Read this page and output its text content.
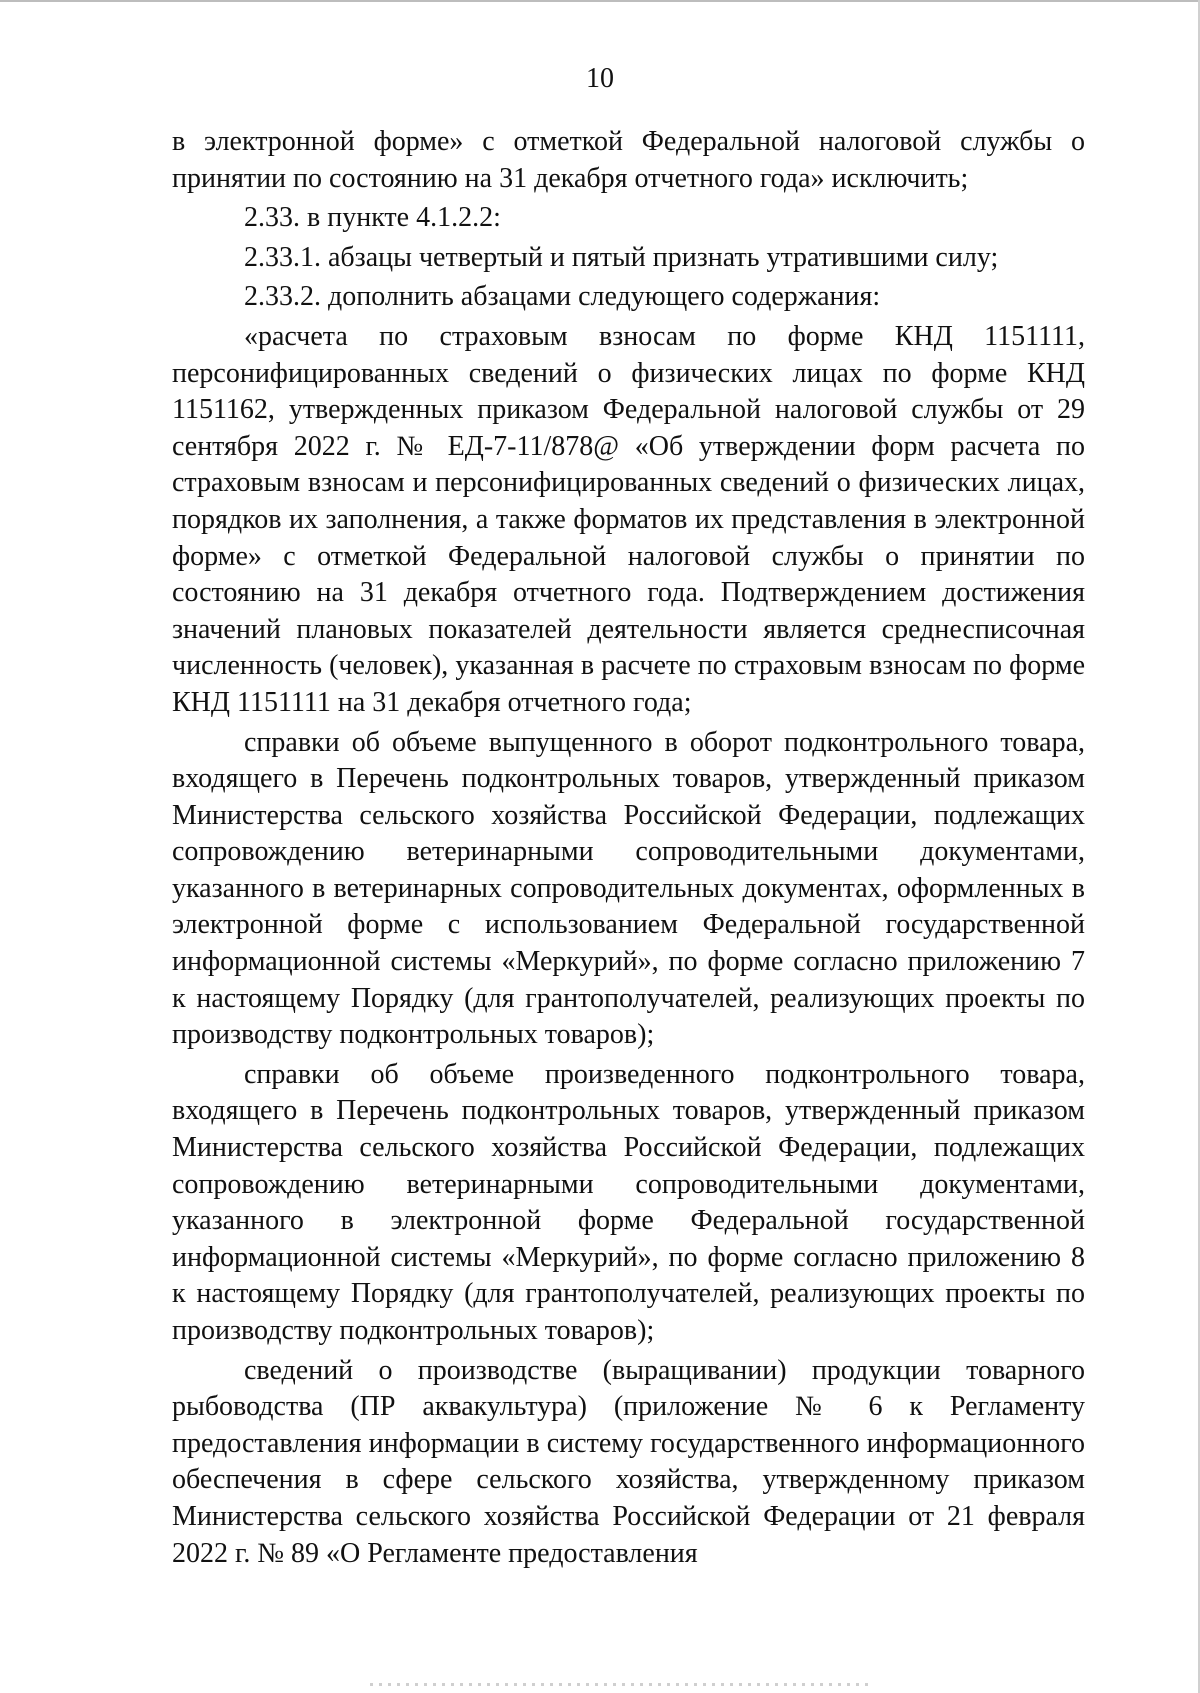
10

в электронной форме» с отметкой Федеральной налоговой службы о принятии по состоянию на 31 декабря отчетного года» исключить;

2.33. в пункте 4.1.2.2:

2.33.1. абзацы четвертый и пятый признать утратившими силу;

2.33.2. дополнить абзацами следующего содержания:

«расчета по страховым взносам по форме КНД 1151111, персонифицированных сведений о физических лицах по форме КНД 1151162, утвержденных приказом Федеральной налоговой службы от 29 сентября 2022 г. № ЕД-7-11/878@ «Об утверждении форм расчета по страховым взносам и персонифицированных сведений о физических лицах, порядков их заполнения, а также форматов их представления в электронной форме» с отметкой Федеральной налоговой службы о принятии по состоянию на 31 декабря отчетного года. Подтверждением достижения значений плановых показателей деятельности является среднесписочная численность (человек), указанная в расчете по страховым взносам по форме КНД 1151111 на 31 декабря отчетного года;

справки об объеме выпущенного в оборот подконтрольного товара, входящего в Перечень подконтрольных товаров, утвержденный приказом Министерства сельского хозяйства Российской Федерации, подлежащих сопровождению ветеринарными сопроводительными документами, указанного в ветеринарных сопроводительных документах, оформленных в электронной форме с использованием Федеральной государственной информационной системы «Меркурий», по форме согласно приложению 7 к настоящему Порядку (для грантополучателей, реализующих проекты по производству подконтрольных товаров);

справки об объеме произведенного подконтрольного товара, входящего в Перечень подконтрольных товаров, утвержденный приказом Министерства сельского хозяйства Российской Федерации, подлежащих сопровождению ветеринарными сопроводительными документами, указанного в электронной форме Федеральной государственной информационной системы «Меркурий», по форме согласно приложению 8 к настоящему Порядку (для грантополучателей, реализующих проекты по производству подконтрольных товаров);

сведений о производстве (выращивании) продукции товарного рыбоводства (ПР аквакультура) (приложение № 6 к Регламенту предоставления информации в систему государственного информационного обеспечения в сфере сельского хозяйства, утвержденному приказом Министерства сельского хозяйства Российской Федерации от 21 февраля 2022 г. № 89 «О Регламенте предоставления
